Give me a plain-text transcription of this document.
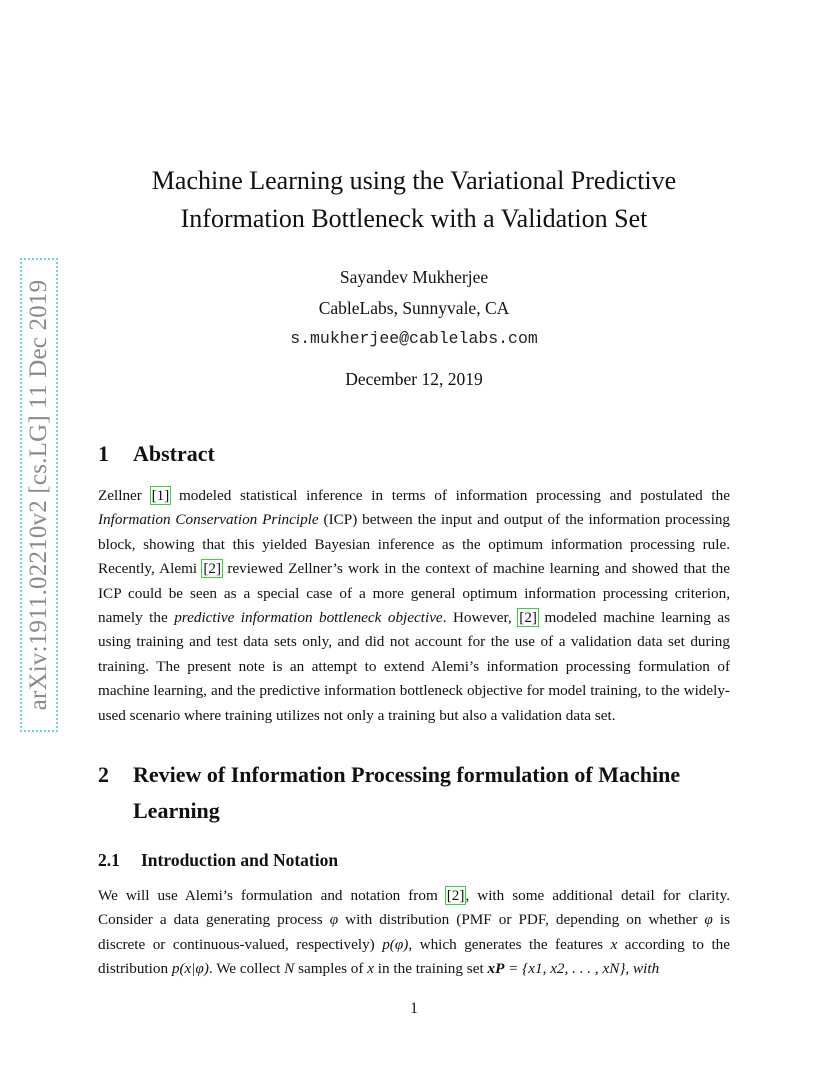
arXiv:1911.02210v2 [cs.LG] 11 Dec 2019
Machine Learning using the Variational Predictive
Information Bottleneck with a Validation Set
Sayandev Mukherjee
CableLabs, Sunnyvale, CA
s.mukherjee@cablelabs.com
December 12, 2019
1 Abstract

Zellner [1] modeled statistical inference in terms of information processing and postulated the Information Conservation Principle (ICP) between the input and output of the information processing block, showing that this yielded Bayesian inference as the optimum information processing rule. Recently, Alemi [2] reviewed Zellner’s work in the context of machine learning and showed that the ICP could be seen as a special case of a more general optimum information processing criterion, namely the predictive information bottleneck objective. However, [2] modeled machine learning as using training and test data sets only, and did not account for the use of a validation data set during training. The present note is an attempt to extend Alemi’s information processing formulation of machine learning, and the predictive information bottleneck objective for model training, to the widely-used scenario where training utilizes not only a training but also a validation data set.

2 Review of Information Processing formulation of Machine Learning
2.1 Introduction and Notation

We will use Alemi’s formulation and notation from [2], with some additional detail for clarity. Consider a data generating process φ with distribution (PMF or PDF, depending on whether φ is discrete or continuous-valued, respectively) p(φ), which generates the features x according to the distribution p(x|φ). We collect N samples of x in the training set xP = {x1, x2, . . . , xN}, with

1
